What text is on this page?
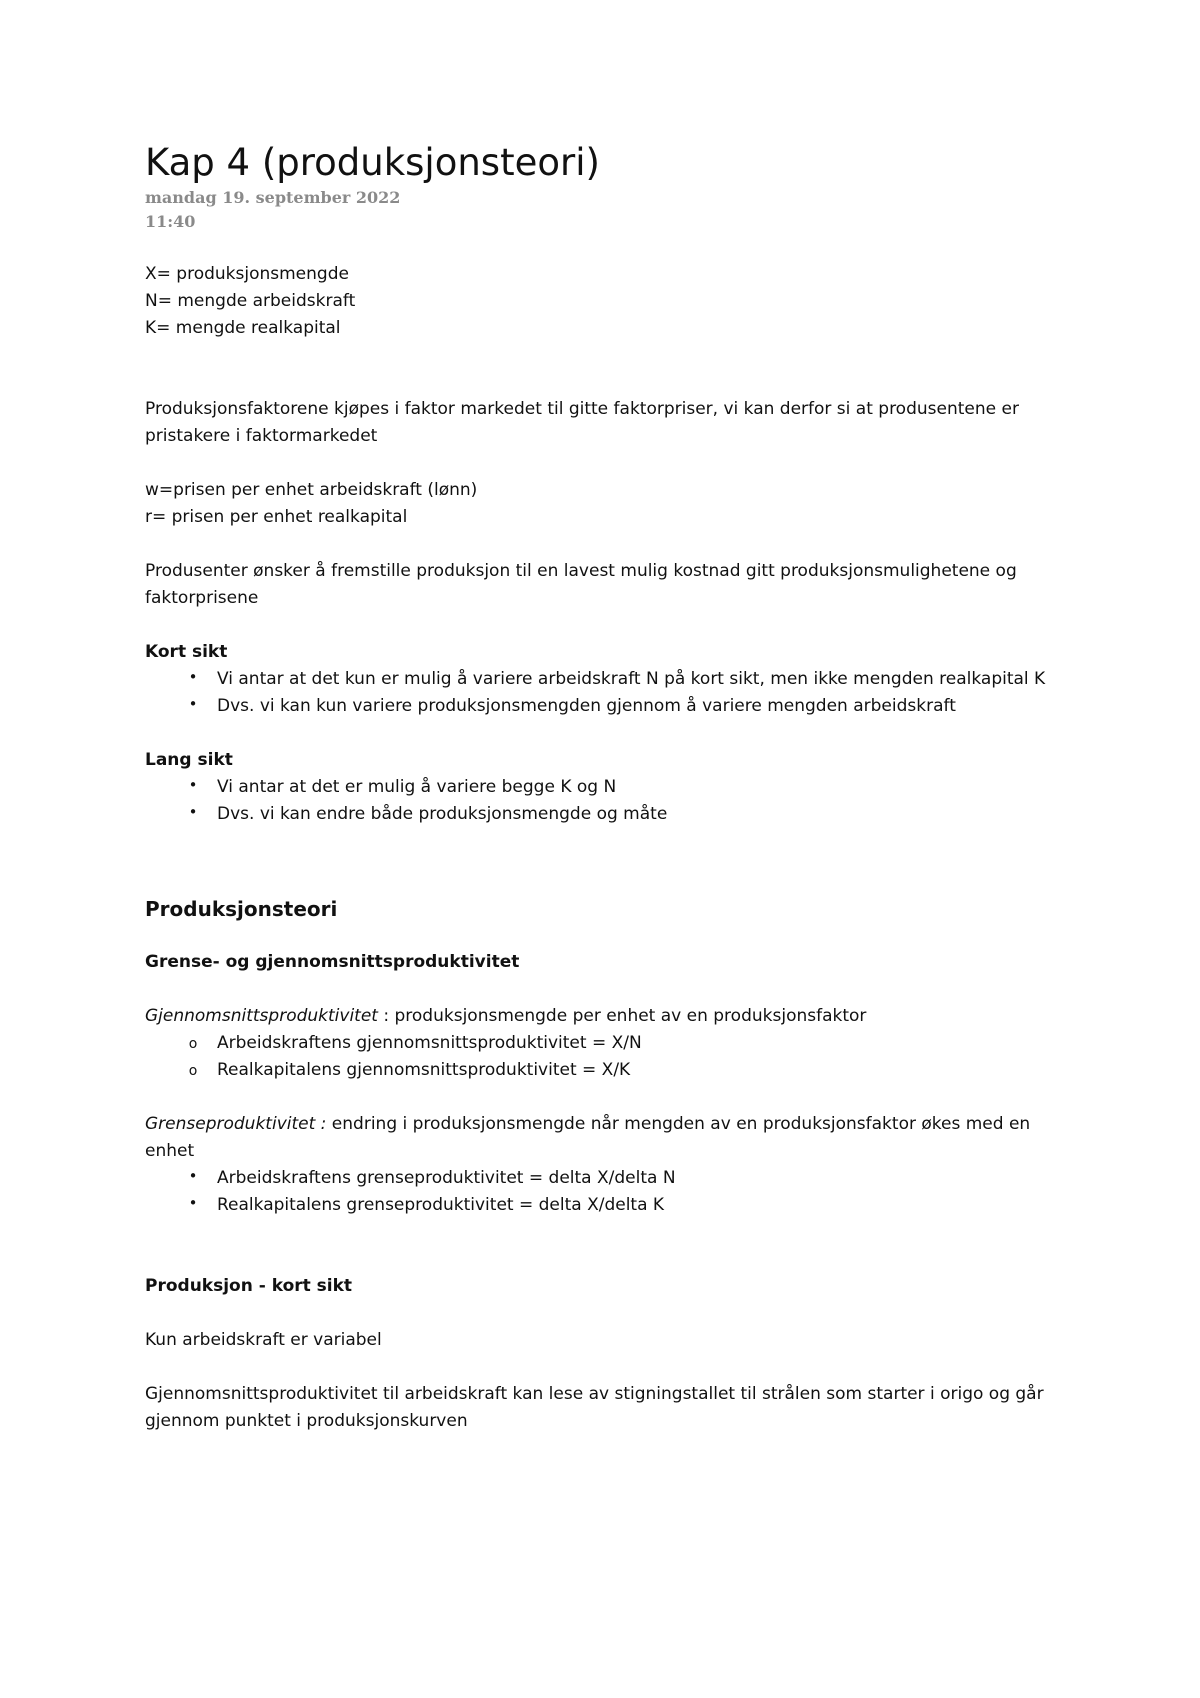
Kap 4 (produksjonsteori)
mandag 19. september 2022
11:40
X= produksjonsmengde
N= mengde arbeidskraft
K= mengde realkapital

Produksjonsfaktorene kjøpes i faktor markedet til gitte faktorpriser, vi kan derfor si at produsentene er pristakere i faktormarkedet

w=prisen per enhet arbeidskraft (lønn)
r= prisen per enhet realkapital

Produsenter ønsker å fremstille produksjon til en lavest mulig kostnad gitt produksjonsmulighetene og faktorprisene

Kort sikt
•	Vi antar at det kun er mulig å variere arbeidskraft N på kort sikt, men ikke mengden realkapital K
•	Dvs. vi kan kun variere produksjonsmengden gjennom å variere mengden arbeidskraft
Lang sikt
•	Vi antar at det er mulig å variere begge K og N
•	Dvs. vi kan endre både produksjonsmengde og måte
Produksjonsteori
Grense- og gjennomsnittsproduktivitet

Gjennomsnittsproduktivitet : produksjonsmengde per enhet av en produksjonsfaktor

o	Arbeidskraftens gjennomsnittsproduktivitet = X/N
o	Realkapitalens gjennomsnittsproduktivitet = X/K

Grenseproduktivitet : endring i produksjonsmengde når mengden av en produksjonsfaktor økes med en enhet

•	Arbeidskraftens grenseproduktivitet = delta X/delta N
•	Realkapitalens grenseproduktivitet = delta X/delta K
Produksjon - kort sikt
Kun arbeidskraft er variabel

Gjennomsnittsproduktivitet til arbeidskraft kan lese av stigningstallet til strålen som starter i origo og går gjennom punktet i produksjonskurven
